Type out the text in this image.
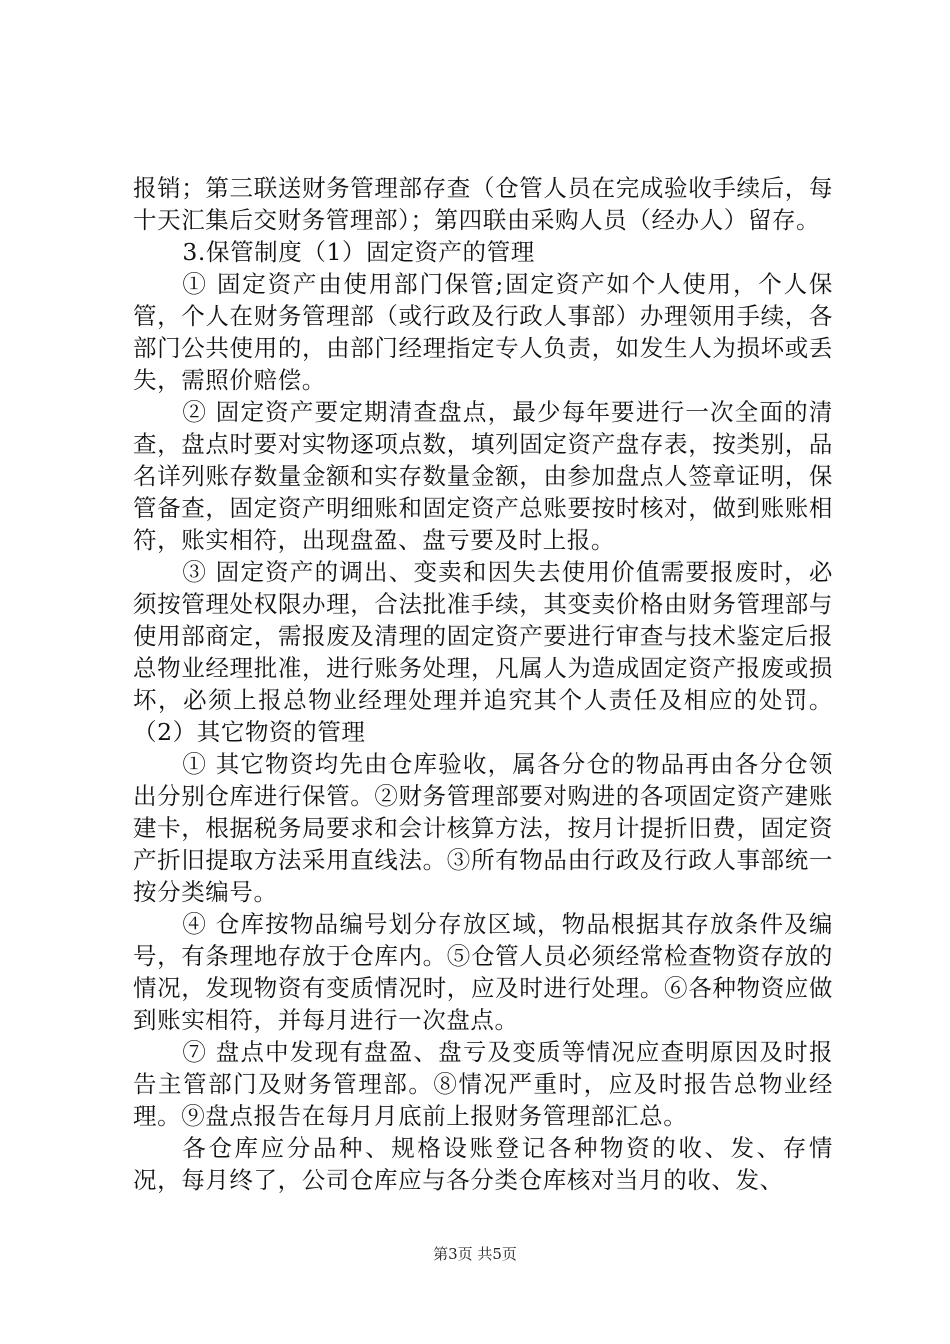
报销；第三联送财务管理部存查（仓管人员在完成验收手续后，每十天汇集后交财务管理部）；第四联由采购人员（经办人）留存。

3.保管制度（1）固定资产的管理

① 固定资产由使用部门保管;固定资产如个人使用，个人保管，个人在财务管理部（或行政及行政人事部）办理领用手续，各部门公共使用的，由部门经理指定专人负责，如发生人为损坏或丢失，需照价赔偿。

② 固定资产要定期清查盘点，最少每年要进行一次全面的清查，盘点时要对实物逐项点数，填列固定资产盘存表，按类别，品名详列账存数量金额和实存数量金额，由参加盘点人签章证明，保管备查，固定资产明细账和固定资产总账要按时核对，做到账账相符，账实相符，出现盘盈、盘亏要及时上报。

③ 固定资产的调出、变卖和因失去使用价值需要报废时，必须按管理处权限办理，合法批准手续，其变卖价格由财务管理部与使用部商定，需报废及清理的固定资产要进行审查与技术鉴定后报总物业经理批准，进行账务处理，凡属人为造成固定资产报废或损坏，必须上报总物业经理处理并追究其个人责任及相应的处罚。（2）其它物资的管理

① 其它物资均先由仓库验收，属各分仓的物品再由各分仓领出分别仓库进行保管。②财务管理部要对购进的各项固定资产建账建卡，根据税务局要求和会计核算方法，按月计提折旧费，固定资产折旧提取方法采用直线法。③所有物品由行政及行政人事部统一按分类编号。

④ 仓库按物品编号划分存放区域，物品根据其存放条件及编号，有条理地存放于仓库内。⑤仓管人员必须经常检查物资存放的情况，发现物资有变质情况时，应及时进行处理。⑥各种物资应做到账实相符，并每月进行一次盘点。

⑦ 盘点中发现有盘盈、盘亏及变质等情况应查明原因及时报告主管部门及财务管理部。⑧情况严重时，应及时报告总物业经理。⑨盘点报告在每月月底前上报财务管理部汇总。

各仓库应分品种、规格设账登记各种物资的收、发、存情况，每月终了，公司仓库应与各分类仓库核对当月的收、发、

第3页 共5页
